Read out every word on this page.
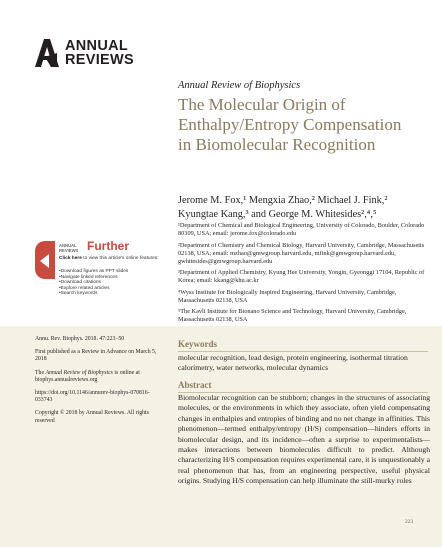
ANNUAL
REVIEWS
Annual Review of Biophysics
The Molecular Origin of Enthalpy/Entropy Compensation in Biomolecular Recognition
Jerome M. Fox,¹ Mengxia Zhao,² Michael J. Fink,² Kyungtae Kang,³ and George M. Whitesides²,⁴,⁵
¹Department of Chemical and Biological Engineering, University of Colorado, Boulder, Colorado 80309, USA; email: jerome.fox@colorado.edu
²Department of Chemistry and Chemical Biology, Harvard University, Cambridge, Massachusetts 02138, USA; email: mzhao@gmwgroup.harvard.edu, mfink@gmwgroup.harvard.edu, gwhitesides@gmwgroup.harvard.edu
³Department of Applied Chemistry, Kyung Hee University, Yongin, Gyeonggi 17104, Republic of Korea; email: kkang@khu.ac.kr
⁴Wyss Institute for Biologically Inspired Engineering, Harvard University, Cambridge, Massachusetts 02138, USA
⁵The Kavli Institute for Bionano Science and Technology, Harvard University, Cambridge, Massachusetts 02138, USA
ANNUAL REVIEWS Further
Click here to view this article's online features:
• Download figures as PPT slides
• Navigate linked references
• Download citations
• Explore related articles
• Search keywords

Annu. Rev. Biophys. 2018. 47:223–50

First published as a Review in Advance on March 5, 2018

The Annual Review of Biophysics is online at biophys.annualreviews.org

https://doi.org/10.1146/annurev-biophys-070816-033743

Copyright © 2018 by Annual Reviews. All rights reserved

Keywords
molecular recognition, lead design, protein engineering, isothermal titration calorimetry, water networks, molecular dynamics
Abstract
Biomolecular recognition can be stubborn; changes in the structures of associating molecules, or the environments in which they associate, often yield compensating changes in enthalpies and entropies of binding and no net change in affinities. This phenomenon—termed enthalpy/entropy (H/S) compensation—hinders efforts in biomolecular design, and its incidence—often a surprise to experimentalists—makes interactions between biomolecules difficult to predict. Although characterizing H/S compensation requires experimental care, it is unquestionably a real phenomenon that has, from an engineering perspective, useful physical origins. Studying H/S compensation can help illuminate the still-murky roles
223
